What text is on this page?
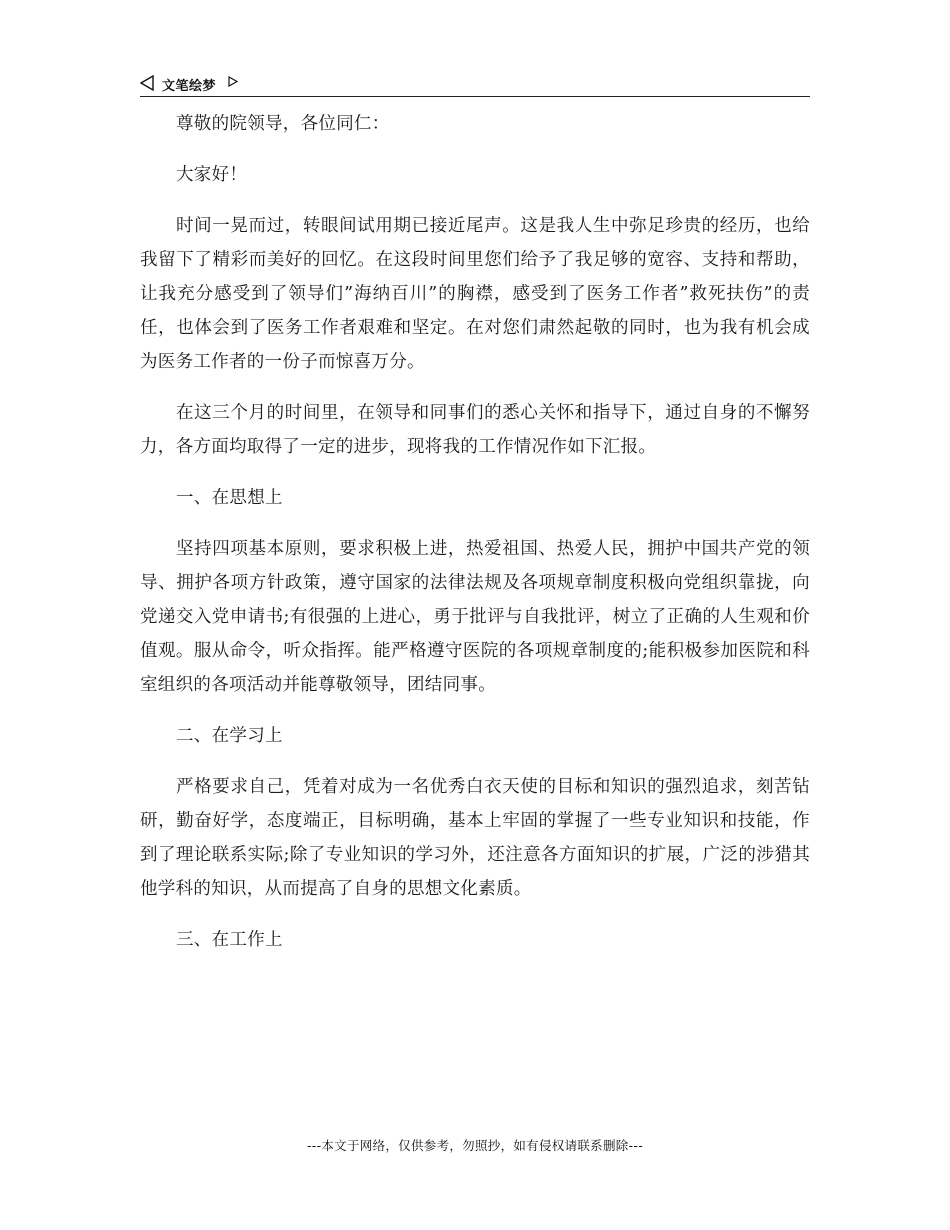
文笔绘梦

尊敬的院领导，各位同仁：

大家好！

时间一晃而过，转眼间试用期已接近尾声。这是我人生中弥足珍贵的经历，也给我留下了精彩而美好的回忆。在这段时间里您们给予了我足够的宽容、支持和帮助，让我充分感受到了领导们”海纳百川”的胸襟，感受到了医务工作者”救死扶伤”的责任，也体会到了医务工作者艰难和坚定。在对您们肃然起敬的同时，也为我有机会成为医务工作者的一份子而惊喜万分。

在这三个月的时间里，在领导和同事们的悉心关怀和指导下，通过自身的不懈努力，各方面均取得了一定的进步，现将我的工作情况作如下汇报。

一、在思想上

坚持四项基本原则，要求积极上进，热爱祖国、热爱人民，拥护中国共产党的领导、拥护各项方针政策，遵守国家的法律法规及各项规章制度积极向党组织靠拢，向党递交入党申请书;有很强的上进心，勇于批评与自我批评，树立了正确的人生观和价值观。服从命令，听众指挥。能严格遵守医院的各项规章制度的;能积极参加医院和科室组织的各项活动并能尊敬领导，团结同事。

二、在学习上

严格要求自己，凭着对成为一名优秀白衣天使的目标和知识的强烈追求，刻苦钻研，勤奋好学，态度端正，目标明确，基本上牢固的掌握了一些专业知识和技能，作到了理论联系实际;除了专业知识的学习外，还注意各方面知识的扩展，广泛的涉猎其他学科的知识，从而提高了自身的思想文化素质。

三、在工作上

---本文于网络，仅供参考，勿照抄，如有侵权请联系删除---
